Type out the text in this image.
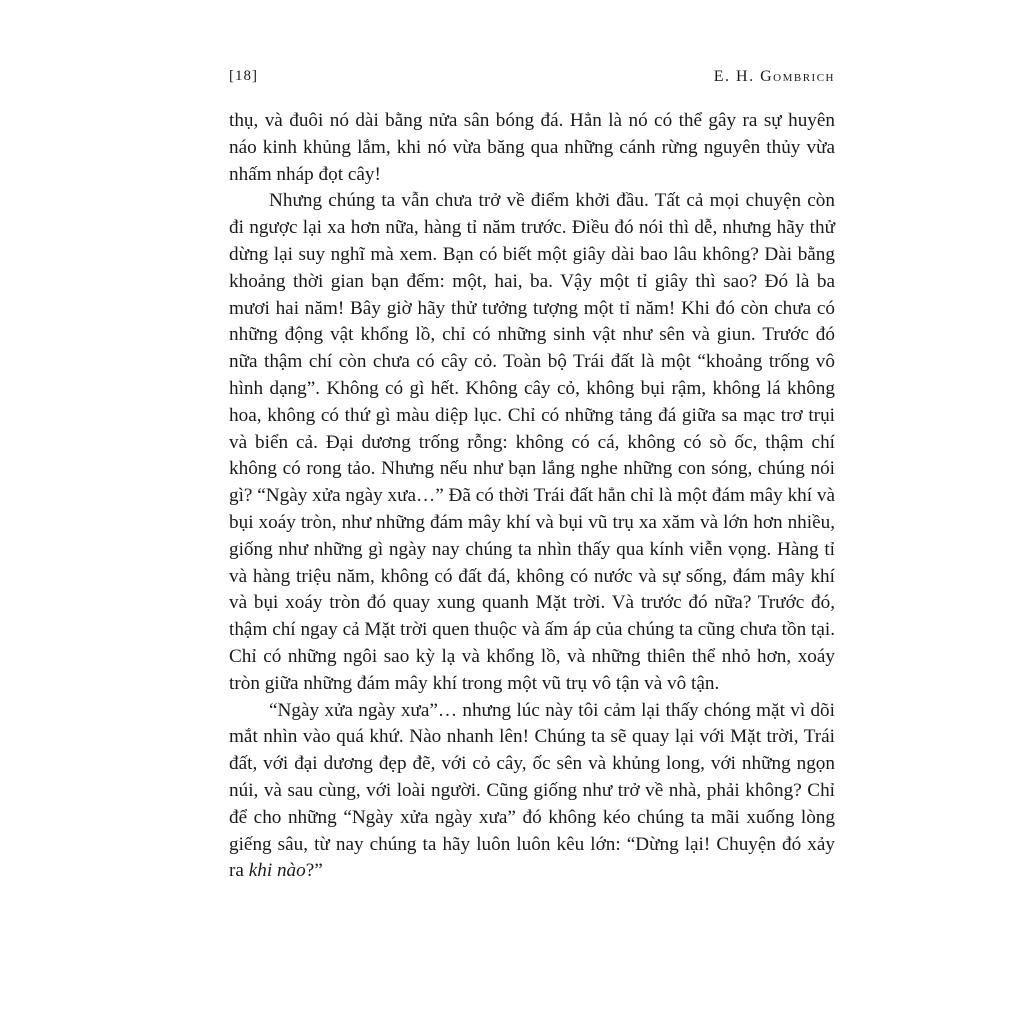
[18]	E. H. Gombrich

thụ, và đuôi nó dài bằng nửa sân bóng đá. Hẳn là nó có thể gây ra sự huyên náo kinh khủng lắm, khi nó vừa băng qua những cánh rừng nguyên thủy vừa nhấm nháp đọt cây!

Nhưng chúng ta vẫn chưa trở về điểm khởi đầu. Tất cả mọi chuyện còn đi ngược lại xa hơn nữa, hàng tỉ năm trước. Điều đó nói thì dễ, nhưng hãy thử dừng lại suy nghĩ mà xem. Bạn có biết một giây dài bao lâu không? Dài bằng khoảng thời gian bạn đếm: một, hai, ba. Vậy một tỉ giây thì sao? Đó là ba mươi hai năm! Bây giờ hãy thử tưởng tượng một tỉ năm! Khi đó còn chưa có những động vật khổng lồ, chỉ có những sinh vật như sên và giun. Trước đó nữa thậm chí còn chưa có cây cỏ. Toàn bộ Trái đất là một “khoảng trống vô hình dạng”. Không có gì hết. Không cây cỏ, không bụi rậm, không lá không hoa, không có thứ gì màu diệp lục. Chỉ có những tảng đá giữa sa mạc trơ trụi và biển cả. Đại dương trống rỗng: không có cá, không có sò ốc, thậm chí không có rong tảo. Nhưng nếu như bạn lắng nghe những con sóng, chúng nói gì? “Ngày xửa ngày xưa…” Đã có thời Trái đất hẳn chỉ là một đám mây khí và bụi xoáy tròn, như những đám mây khí và bụi vũ trụ xa xăm và lớn hơn nhiều, giống như những gì ngày nay chúng ta nhìn thấy qua kính viễn vọng. Hàng tỉ và hàng triệu năm, không có đất đá, không có nước và sự sống, đám mây khí và bụi xoáy tròn đó quay xung quanh Mặt trời. Và trước đó nữa? Trước đó, thậm chí ngay cả Mặt trời quen thuộc và ấm áp của chúng ta cũng chưa tồn tại. Chỉ có những ngôi sao kỳ lạ và khổng lồ, và những thiên thể nhỏ hơn, xoáy tròn giữa những đám mây khí trong một vũ trụ vô tận và vô tận.

“Ngày xửa ngày xưa”… nhưng lúc này tôi cảm lại thấy chóng mặt vì dõi mắt nhìn vào quá khứ. Nào nhanh lên! Chúng ta sẽ quay lại với Mặt trời, Trái đất, với đại dương đẹp đẽ, với cỏ cây, ốc sên và khủng long, với những ngọn núi, và sau cùng, với loài người. Cũng giống như trở về nhà, phải không? Chỉ để cho những “Ngày xửa ngày xưa” đó không kéo chúng ta mãi xuống lòng giếng sâu, từ nay chúng ta hãy luôn luôn kêu lớn: “Dừng lại! Chuyện đó xảy ra khi nào?”
